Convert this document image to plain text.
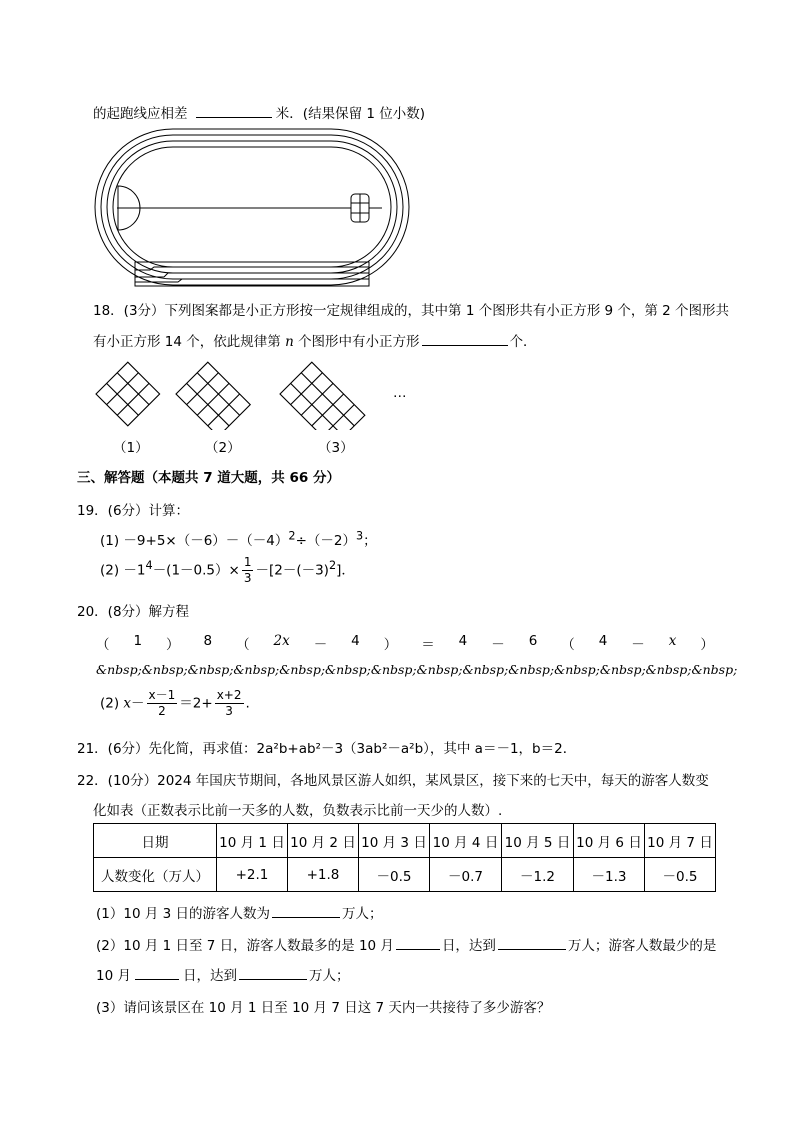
的起跑线应相差	米．(结果保留 1 位小数)
18．(3分）下列图案都是小正方形按一定规律组成的，其中第 1 个图形共有小正方形 9 个，第 2 个图形共
有小正方形 14 个，依此规律第 n 个图形中有小正方形	个．
…
（1）	（2）	（3）
三、解答题（本题共 7 道大题，共 66 分）
19．(6分）计算：
$(1) -9+5\times(-6)-(-4)^2\div(-2)^3$；
$(2) -1^4-(1-0.5)\times \frac{1}{3} -[2-(-3)^2]$．
20．(8分）解方程
（ 1 ） 8 （ 2x － 4 ） ＝ 4 － 6 （ 4 － x ）
&nbsp;&nbsp;&nbsp;&nbsp;&nbsp;&nbsp;&nbsp;&nbsp;&nbsp;&nbsp;&nbsp;&nbsp;&nbsp;&nbsp;
(2) $x- \frac{x-1}{2} =2+ \frac{x+2}{3}$ .
21．(6分）先化简，再求值：2a²b+ab²－3（3ab²－a²b），其中 a＝－1，b＝2．
22．(10分）2024 年国庆节期间，各地风景区游人如织，某风景区，接下来的七天中，每天的游客人数变
化如表（正数表示比前一天多的人数，负数表示比前一天少的人数）.
日期	10 月 1 日	10 月 2 日	10 月 3 日	10 月 4 日	10 月 5 日	10 月 6 日	10 月 7 日
人数变化（万人）	+2.1	+1.8	－0.5	－0.7	－1.2	－1.3	－0.5
(1）10 月 3 日的游客人数为	万人；
(2）10 月 1 日至 7 日，游客人数最多的是 10 月	日，达到	万人；游客人数最少的是
10 月	日，达到	万人；
(3）请问该景区在 10 月 1 日至 10 月 7 日这 7 天内一共接待了多少游客？
